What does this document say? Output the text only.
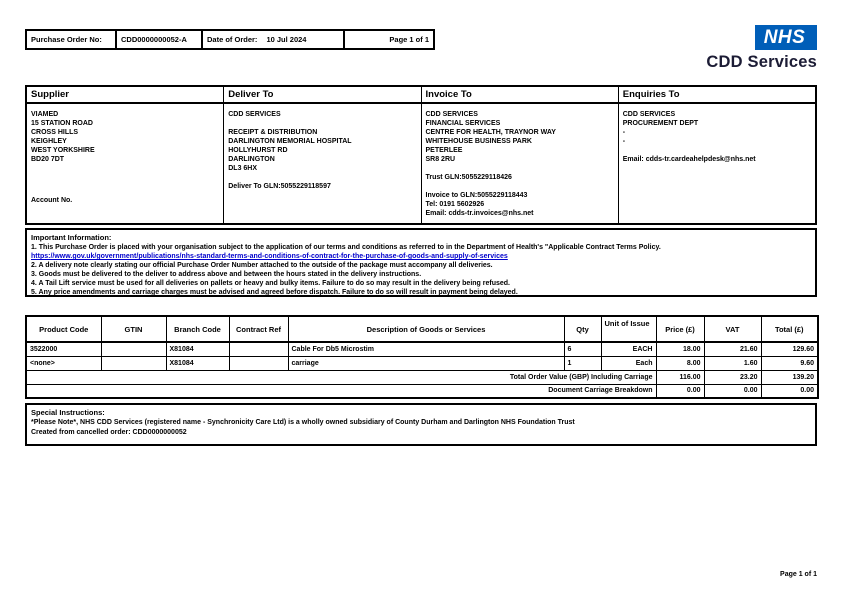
Purchase Order No:	CDD0000000052-A	Date of Order: 10 Jul 2024	Page 1 of 1	NHS
CDD Services
Supplier
VIAMED
15 STATION ROAD
CROSS HILLS
KEIGHLEY
WEST YORKSHIRE
BD20 7DT
Account No.
Deliver To
CDD SERVICES
RECEIPT & DISTRIBUTION
DARLINGTON MEMORIAL HOSPITAL
HOLLYHURST RD
DARLINGTON
DL3 6HX
Deliver To GLN:5055229118597
Invoice To
CDD SERVICES
FINANCIAL SERVICES
CENTRE FOR HEALTH, TRAYNOR WAY
WHITEHOUSE BUSINESS PARK
PETERLEE
SR8 2RU
Trust GLN:5055229118426
Invoice to GLN:5055229118443
Tel: 0191 5602926
Email: cdds-tr.invoices@nhs.net
Enquiries To
CDD SERVICES
PROCUREMENT DEPT
-
-
Email: cdds-tr.cardeahelpdesk@nhs.net
Important Information:
1. This Purchase Order is placed with your organisation subject to the application of our terms and conditions as referred to in the Department of Health's "Applicable Contract Terms Policy.
https://www.gov.uk/government/publications/nhs-standard-terms-and-conditions-of-contract-for-the-purchase-of-goods-and-supply-of-services
2. A delivery note clearly stating our official Purchase Order Number attached to the outside of the package must accompany all deliveries.
3. Goods must be delivered to the deliver to address above and between the hours stated in the delivery instructions.
4. A Tail Lift service must be used for all deliveries on pallets or heavy and bulky items. Failure to do so may result in the delivery being refused.
5. Any price amendments and carriage charges must be advised and agreed before dispatch. Failure to do so will result in payment being delayed.
Product Code	GTIN	Branch Code	Contract Ref	Description of Goods or Services	Qty	Unit of Issue	Price (£)	VAT	Total (£)
3522000		X81084		Cable For Db5 Microstim	6	EACH	18.00	21.60	129.60
<none>		X81084		carriage	1	Each	8.00	1.60	9.60
Total Order Value (GBP) Including Carriage							116.00	23.20	139.20
Document Carriage Breakdown							0.00	0.00	0.00
Special Instructions:
*Please Note*, NHS CDD Services (registered name - Synchronicity Care Ltd) is a wholly owned subsidiary of County Durham and Darlington NHS Foundation Trust
Created from cancelled order: CDD0000000052
Page 1 of 1
